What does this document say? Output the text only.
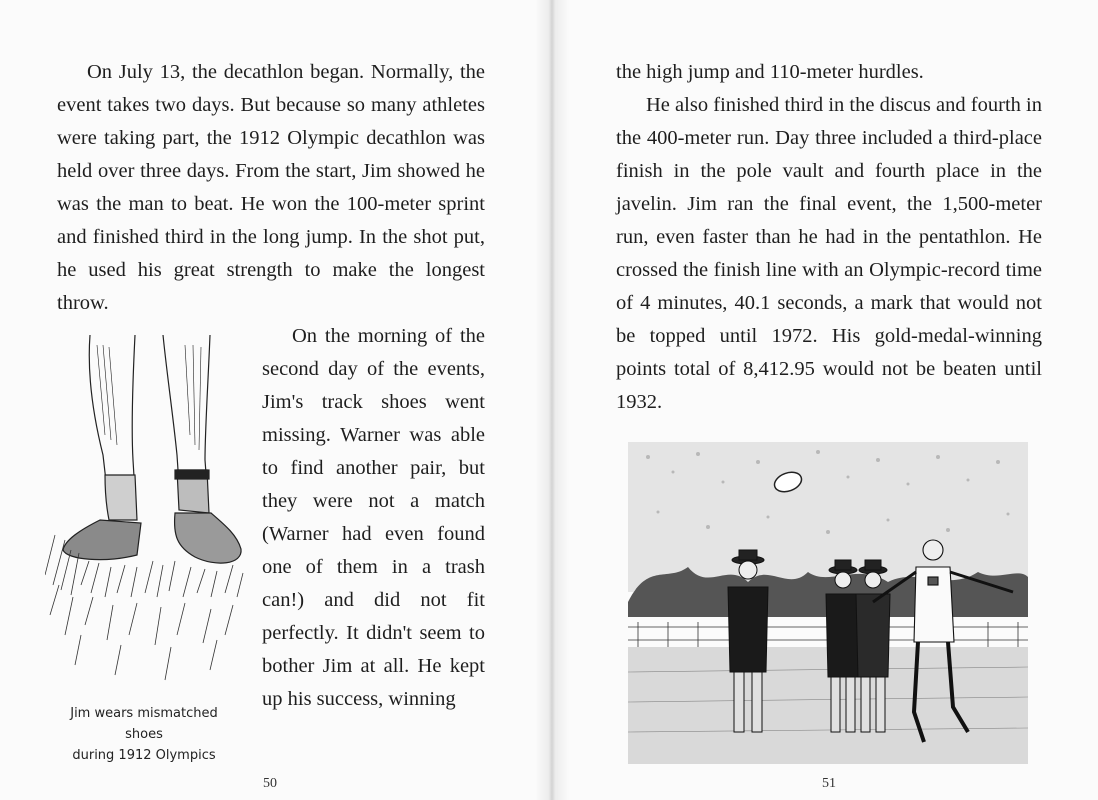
On July 13, the decathlon began. Normally, the event takes two days. But because so many athletes were taking part, the 1912 Olympic decathlon was held over three days. From the start, Jim showed he was the man to beat. He won the 100-meter sprint and finished third in the long jump. In the shot put, he used his great strength to make the longest throw.

On the morning of the second day of the events, Jim's track shoes went missing. Warner was able to find another pair, but they were not a match (Warner had even found one of them in a trash can!) and did not fit perfectly. It didn't seem to bother Jim at all. He kept up his success, winning

Jim wears mismatched shoes
during 1912 Olympics
50

the high jump and 110-meter hurdles.

He also finished third in the discus and fourth in the 400-meter run. Day three included a third-place finish in the pole vault and fourth place in the javelin. Jim ran the final event, the 1,500-meter run, even faster than he had in the pentathlon. He crossed the finish line with an Olympic-record time of 4 minutes, 40.1 seconds, a mark that would not be topped until 1972. His gold-medal-winning points total of 8,412.95 would not be beaten until 1932.

51
